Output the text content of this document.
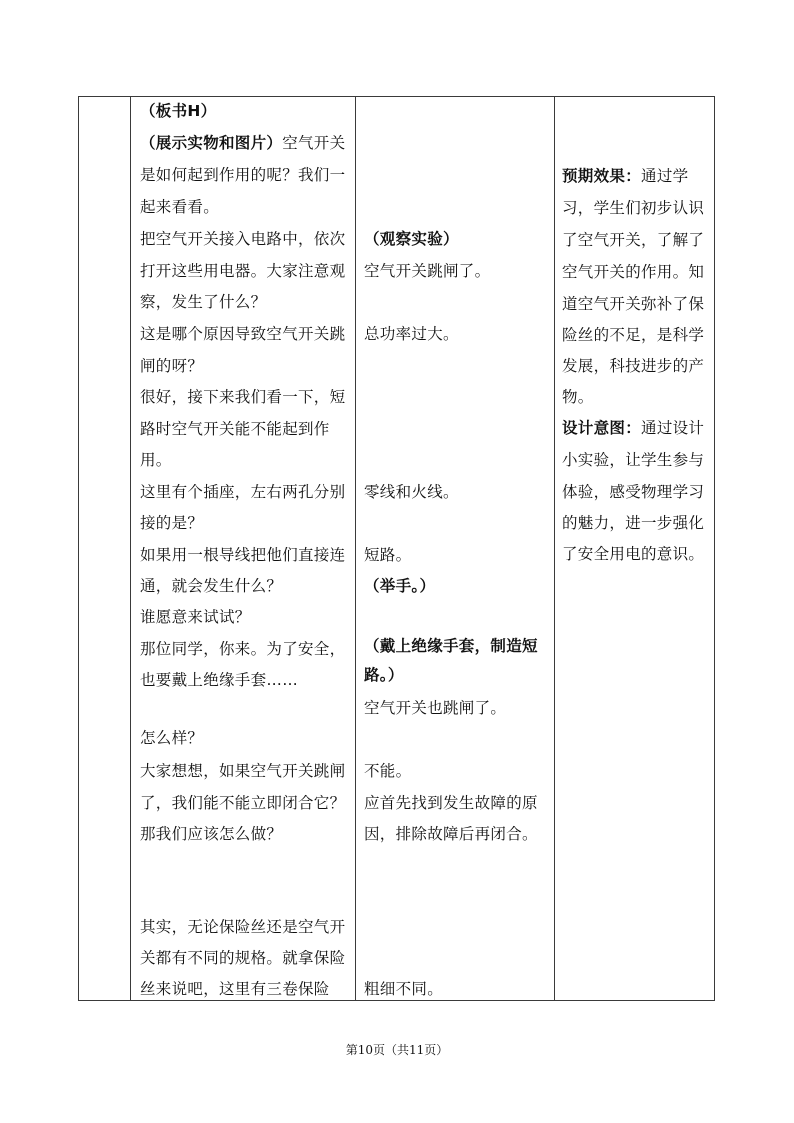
（板书H）
（展示实物和图片）空气开关
是如何起到作用的呢？我们一
起来看看。
把空气开关接入电路中，依次
打开这些用电器。大家注意观
察，发生了什么？
这是哪个原因导致空气开关跳
闸的呀？
很好，接下来我们看一下，短
路时空气开关能不能起到作
用。
这里有个插座，左右两孔分别
接的是？
如果用一根导线把他们直接连
通，就会发生什么？
谁愿意来试试？
那位同学，你来。为了安全，
也要戴上绝缘手套……
怎么样？
大家想想，如果空气开关跳闸
了，我们能不能立即闭合它？
那我们应该怎么做？
其实，无论保险丝还是空气开
关都有不同的规格。就拿保险
丝来说吧，这里有三卷保险
（观察实验）
空气开关跳闸了。
总功率过大。
零线和火线。
短路。
（举手。）
（戴上绝缘手套，制造短
路。）
空气开关也跳闸了。
不能。
应首先找到发生故障的原
因，排除故障后再闭合。
粗细不同。
预期效果：通过学
习，学生们初步认识
了空气开关，了解了
空气开关的作用。知
道空气开关弥补了保
险丝的不足，是科学
发展，科技进步的产
物。
设计意图：通过设计
小实验，让学生参与
体验，感受物理学习
的魅力，进一步强化
了安全用电的意识。
第10页（共11页）
